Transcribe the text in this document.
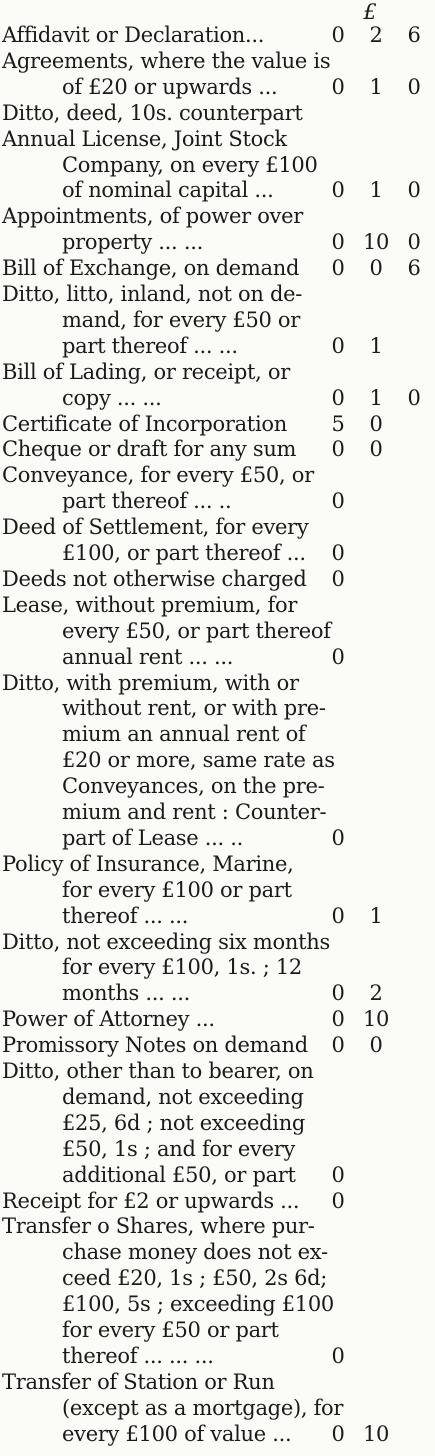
£
Affidavit or Declaration...	0	2	6
Agreements, where the value is
of £20 or upwards ...	0	1	0
Ditto, deed, 10s. counterpart
Annual License, Joint Stock
Company, on every £100
of nominal capital ...	0	1	0
Appointments, of power over
property ... ...	0 10 0
Bill of Exchange, on demand	0	0	6
Ditto, litto, inland, not on de-
mand, for every £50 or
part thereof ... ...	0	1
Bill of Lading, or receipt, or
copy ... ...	0	1	0
Certificate of Incorporation	5	0
Cheque or draft for any sum	0	0
Conveyance, for every £50, or
part thereof ... ..	0
Deed of Settlement, for every
£100, or part thereof ...	0
Deeds not otherwise charged	0
Lease, without premium, for
every £50, or part thereof
annual rent ... ...	0
Ditto, with premium, with or
without rent, or with pre-
mium an annual rent of
£20 or more, same rate as
Conveyances, on the pre-
mium and rent : Counter-
part of Lease ... ..	0
Policy of Insurance, Marine,
for every £100 or part
thereof ... ...	0	1
Ditto, not exceeding six months
for every £100, 1s. ; 12
months ... ...	0	2
Power of Attorney ...	0 10
Promissory Notes on demand	0	0
Ditto, other than to bearer, on
demand, not exceeding
£25, 6d ; not exceeding
£50, 1s ; and for every
additional £50, or part	0
Receipt for £2 or upwards ...	0
Transfer o Shares, where pur-
chase money does not ex-
ceed £20, 1s ; £50, 2s 6d;
£100, 5s ; exceeding £100
for every £50 or part
thereof ... ... ...	0
Transfer of Station or Run
(except as a mortgage), for
every £100 of value ...	0 10
